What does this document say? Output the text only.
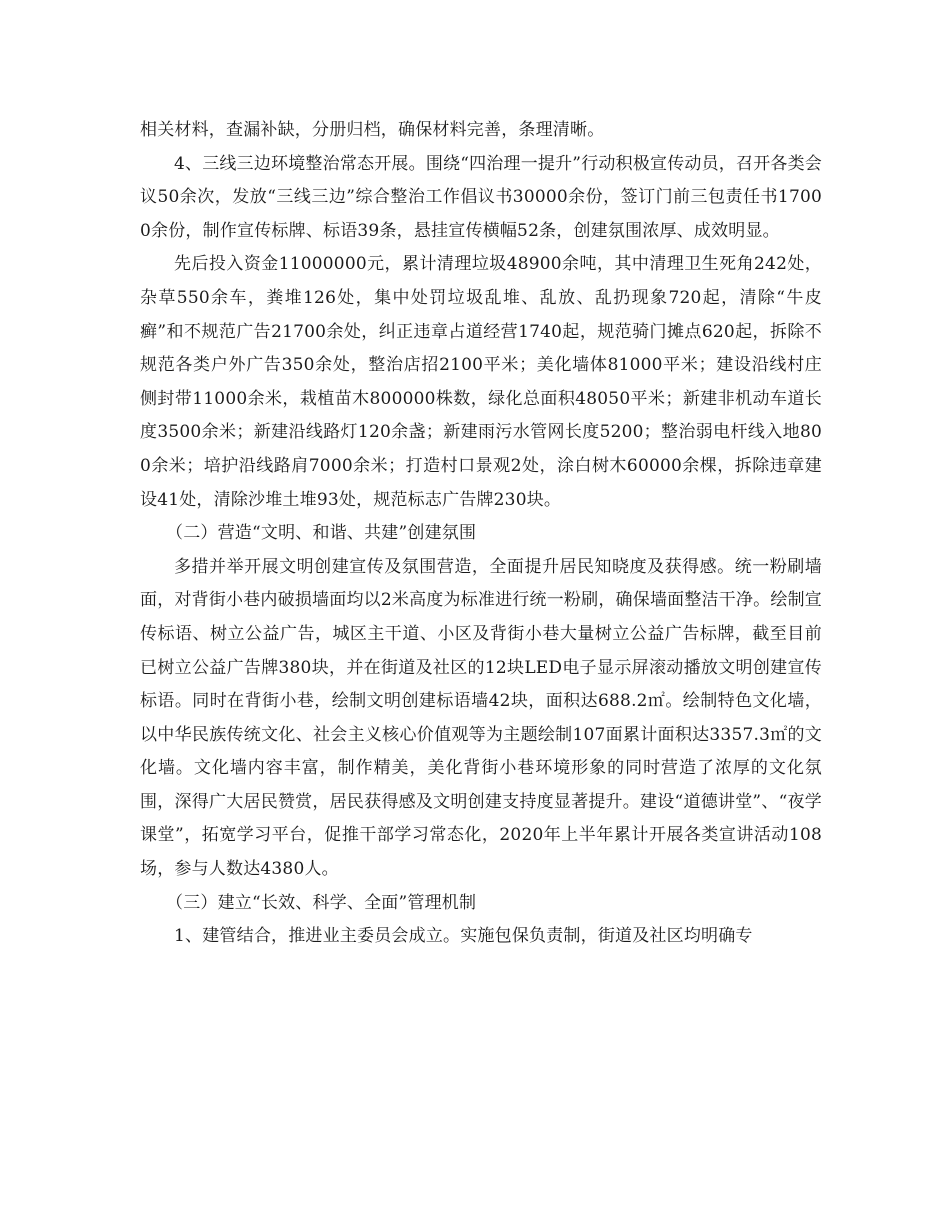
相关材料，查漏补缺，分册归档，确保材料完善，条理清晰。

4、三线三边环境整治常态开展。围绕“四治理一提升”行动积极宣传动员，召开各类会议50余次，发放“三线三边”综合整治工作倡议书30000余份，签订门前三包责任书17000余份，制作宣传标牌、标语39条，悬挂宣传横幅52条，创建氛围浓厚、成效明显。

先后投入资金11000000元，累计清理垃圾48900余吨，其中清理卫生死角242处，杂草550余车，粪堆126处，集中处罚垃圾乱堆、乱放、乱扔现象720起，清除“牛皮癣”和不规范广告21700余处，纠正违章占道经营1740起，规范骑门摊点620起，拆除不规范各类户外广告350余处，整治店招2100平米；美化墙体81000平米；建设沿线村庄侧封带11000余米，栽植苗木800000株数，绿化总面积48050平米；新建非机动车道长度3500余米；新建沿线路灯120余盏；新建雨污水管网长度5200；整治弱电杆线入地800余米；培护沿线路肩7000余米；打造村口景观2处，涂白树木60000余棵，拆除违章建设41处，清除沙堆土堆93处，规范标志广告牌230块。

（二）营造“文明、和谐、共建”创建氛围

多措并举开展文明创建宣传及氛围营造，全面提升居民知晓度及获得感。统一粉刷墙面，对背街小巷内破损墙面均以2米高度为标准进行统一粉刷，确保墙面整洁干净。绘制宣传标语、树立公益广告，城区主干道、小区及背街小巷大量树立公益广告标牌，截至目前已树立公益广告牌380块，并在街道及社区的12块LED电子显示屏滚动播放文明创建宣传标语。同时在背街小巷，绘制文明创建标语墙42块，面积达688.2㎡。绘制特色文化墙，以中华民族传统文化、社会主义核心价值观等为主题绘制107面累计面积达3357.3㎡的文化墙。文化墙内容丰富，制作精美，美化背街小巷环境形象的同时营造了浓厚的文化氛围，深得广大居民赞赏，居民获得感及文明创建支持度显著提升。建设“道德讲堂”、“夜学课堂”，拓宽学习平台，促推干部学习常态化，2020年上半年累计开展各类宣讲活动108场，参与人数达4380人。

（三）建立“长效、科学、全面”管理机制

1、建管结合，推进业主委员会成立。实施包保负责制，街道及社区均明确专
